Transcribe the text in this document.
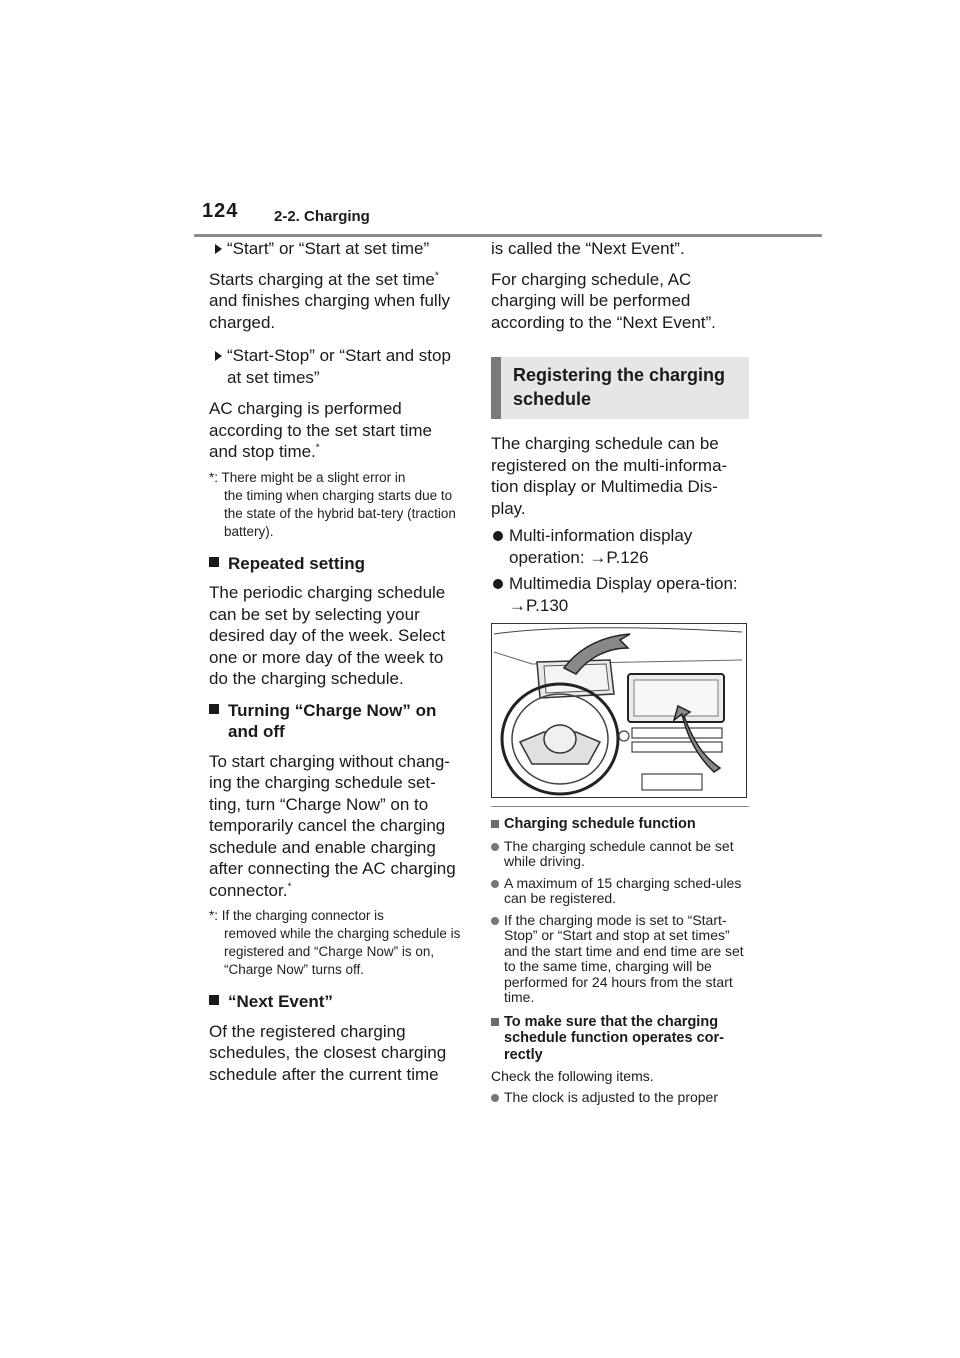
124 2-2. Charging
“Start” or “Start at set time”

Starts charging at the set time* and finishes charging when fully charged.

“Start-Stop” or “Start and stop at set times”

AC charging is performed according to the set start time and stop time.*

*: There might be a slight error in
the timing when charging starts due to the state of the hybrid bat-tery (traction battery).
Repeated setting

The periodic charging schedule can be set by selecting your desired day of the week. Select one or more day of the week to do the charging schedule.

Turning “Charge Now” on and off

To start charging without chang-ing the charging schedule set-ting, turn “Charge Now” on to temporarily cancel the charging schedule and enable charging after connecting the AC charging connector.*

*: If the charging connector is
removed while the charging schedule is registered and “Charge Now” is on, “Charge Now” turns off.
“Next Event”

Of the registered charging schedules, the closest charging schedule after the current time

is called the “Next Event”.

For charging schedule, AC charging will be performed according to the “Next Event”.

Registering the charging schedule

The charging schedule can be registered on the multi-informa-tion display or Multimedia Dis-play.

Multi-information display operation: →P.126
Multimedia Display opera-tion: →P.130
Charging schedule function
The charging schedule cannot be set while driving.
A maximum of 15 charging sched-ules can be registered.
If the charging mode is set to “Start-Stop” or “Start and stop at set times” and the start time and end time are set to the same time, charging will be performed for 24 hours from the start time.
To make sure that the charging schedule function operates cor-rectly
Check the following items.
The clock is adjusted to the proper
